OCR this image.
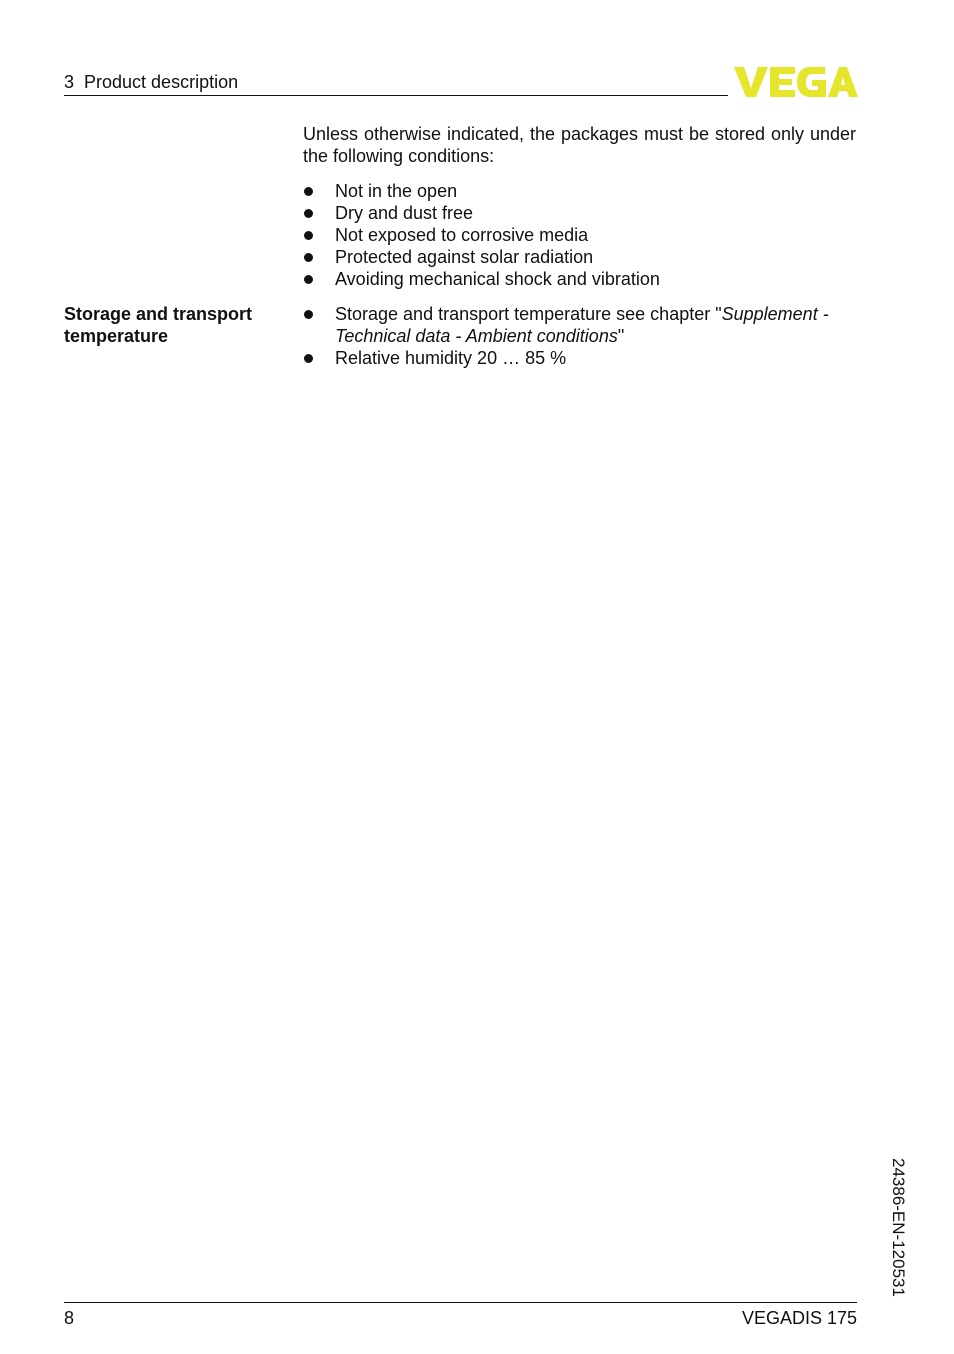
3 Product description

Unless otherwise indicated, the packages must be stored only under the following conditions:

Not in the open
Dry and dust free
Not exposed to corrosive media
Protected against solar radiation
Avoiding mechanical shock and vibration

Storage and transport temperature

Storage and transport temperature see chapter "Supplement - Technical data - Ambient conditions"
Relative humidity 20 … 85 %
24386-EN-120531
8	VEGADIS 175
